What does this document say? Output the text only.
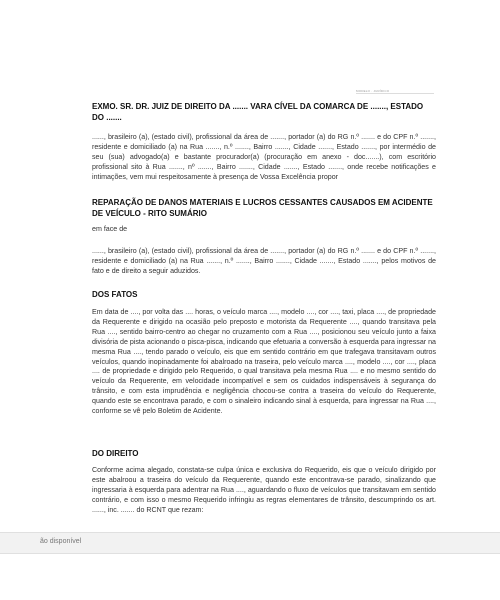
MODELO · JURÍDICO

EXMO. SR. DR. JUIZ DE DIREITO DA ....... VARA CÍVEL DA COMARCA DE ......., ESTADO DO .......

......, brasileiro (a), (estado civil), profissional da área de ......., portador (a) do RG n.º ....... e do CPF n.º ......., residente e domiciliado (a) na Rua ......., n.º ......., Bairro ......., Cidade ......., Estado ......., por intermédio de seu (sua) advogado(a) e bastante procurador(a) (procuração em anexo - doc.......), com escritório profissional sito à Rua ......., nº ......., Bairro ......., Cidade ......., Estado ......., onde recebe notificações e intimações, vem mui respeitosamente à presença de Vossa Excelência propor

REPARAÇÃO DE DANOS MATERIAIS E LUCROS CESSANTES CAUSADOS EM ACIDENTE DE VEÍCULO - RITO SUMÁRIO

em face de

......, brasileiro (a), (estado civil), profissional da área de ......., portador (a) do RG n.º ....... e do CPF n.º ......., residente e domiciliado (a) na Rua ......., n.º ......., Bairro ......., Cidade ......., Estado ......., pelos motivos de fato e de direito a seguir aduzidos.

DOS FATOS

Em data de ...., por volta das .... horas, o veículo marca ...., modelo ...., cor ...., taxi, placa ...., de propriedade da Requerente e dirigido na ocasião pelo preposto e motorista da Requerente ...., quando transitava pela Rua ...., sentido bairro-centro ao chegar no cruzamento com a Rua ...., posicionou seu veículo junto a faixa divisória de pista acionando o pisca-pisca, indicando que efetuaria a conversão à esquerda para ingressar na mesma Rua ...., tendo parado o veículo, eis que em sentido contrário em que trafegava transitavam outros veículos, quando inopinadamente foi abalroado na traseira, pelo veículo marca ...., modelo ...., cor ...., placa .... de propriedade e dirigido pelo Requerido, o qual transitava pela mesma Rua .... e no mesmo sentido do veículo da Requerente, em velocidade incompatível e sem os cuidados indispensáveis à segurança do trânsito, e com esta imprudência e negligência chocou-se contra a traseira do veículo do Requerente, quando este se encontrava parado, e com o sinaleiro indicando sinal à esquerda, para ingressar na Rua ...., conforme se vê pelo Boletim de Acidente.

DO DIREITO

Conforme acima alegado, constata-se culpa única e exclusiva do Requerido, eis que o veículo dirigido por este abalroou a traseira do veículo da Requerente, quando este encontrava-se parado, sinalizando que ingressaria à esquerda para adentrar na Rua ...., aguardando o fluxo de veículos que transitavam em sentido contrário, e com isso o mesmo Requerido infringiu as regras elementares de trânsito, descumprindo os art. ......, inc. ....... do RCNT que rezam:

ão disponível
